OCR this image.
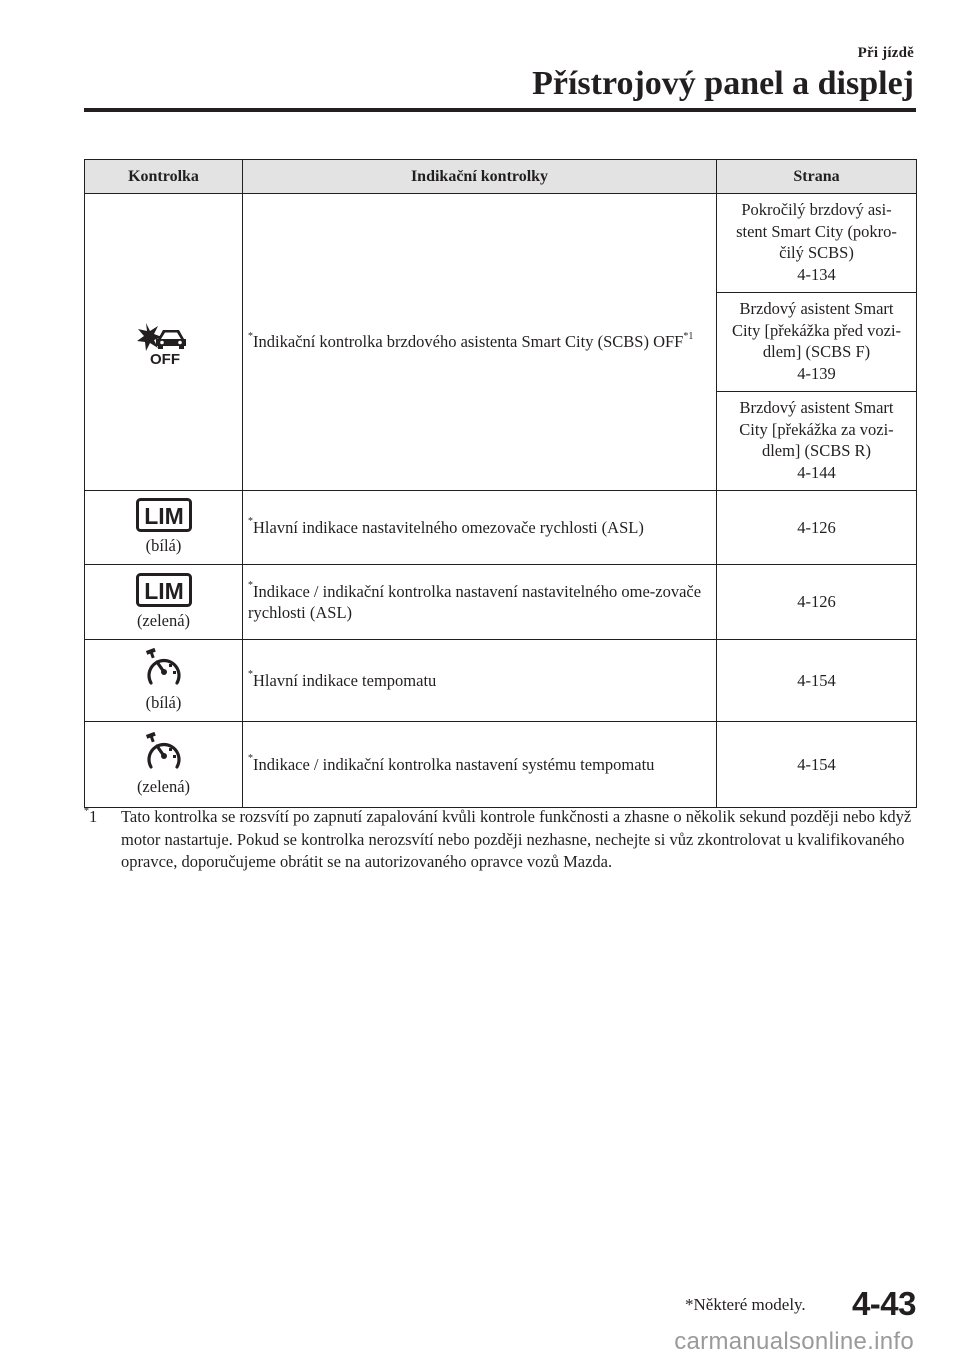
Při jízdě
Přístrojový panel a displej
Kontrolka	Indikační kontrolky	Strana

OFF	*Indikační kontrolka brzdového asistenta Smart City (SCBS) OFF$^{*1}$	Pokročilý brzdový asi-
stent Smart City (pokro-
čilý SCBS)
4-134
		Brzdový asistent Smart
City [překážka před vozi-
dlem] (SCBS F)
4-139
		Brzdový asistent Smart
City [překážka za vozi-
dlem] (SCBS R)
4-144

LIM
(bílá)	*Hlavní indikace nastavitelného omezovače rychlosti (ASL)	4-126

LIM
(zelená)	*Indikace / indikační kontrolka nastavení nastavitelného ome-zovače rychlosti (ASL)	4-126

(bílá)	*Hlavní indikace tempomatu	4-154

(zelená)	*Indikace / indikační kontrolka nastavení systému tempomatu	4-154
*1 Tato kontrolka se rozsvítí po zapnutí zapalování kvůli kontrole funkčnosti a zhasne o několik sekund později nebo když motor nastartuje. Pokud se kontrolka nerozsvítí nebo později nezhasne, nechejte si vůz zkontrolovat u kvalifikovaného opravce, doporučujeme obrátit se na autorizovaného opravce vozů Mazda.
*Některé modely. 4-43
carmanualsonline.info
